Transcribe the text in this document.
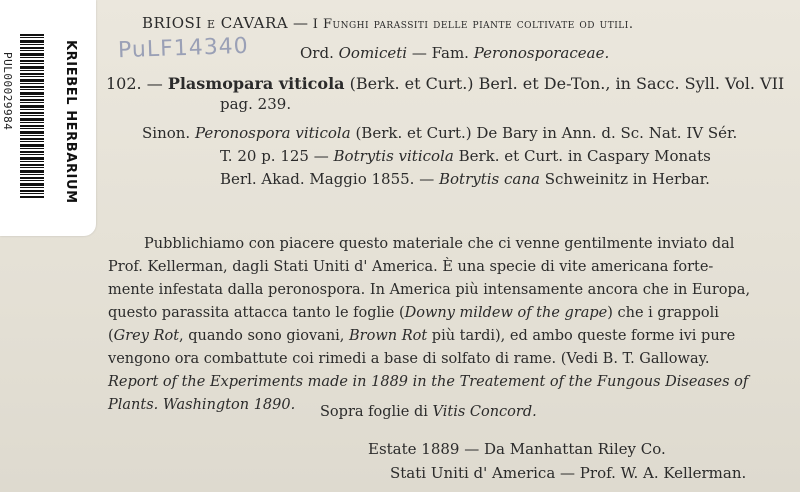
PUL00029984	KRIEBEL HERBARIUM PuLF14340
BRIOSI e CAVARA — I Funghi parassiti delle piante coltivate od utili.
Ord. Oomiceti — Fam. Peronosporaceae.
102. — Plasmopara viticola (Berk. et Curt.) Berl. et De-Ton., in Sacc. Syll. Vol. VII
pag. 239.
Sinon. Peronospora viticola (Berk. et Curt.) De Bary in Ann. d. Sc. Nat. IV Sér.
T. 20 p. 125 — Botrytis viticola Berk. et Curt. in Caspary Monats
Berl. Akad. Maggio 1855. — Botrytis cana Schweinitz in Herbar.
Pubblichiamo con piacere questo materiale che ci venne gentilmente inviato dal
Prof. Kellerman, dagli Stati Uniti d' America. È una specie di vite americana forte-
mente infestata dalla peronospora. In America più intensamente ancora che in Europa,
questo parassita attacca tanto le foglie (Downy mildew of the grape) che i grappoli
(Grey Rot, quando sono giovani, Brown Rot più tardi), ed ambo queste forme ivi pure
vengono ora combattute coi rimedi a base di solfato di rame. (Vedi B. T. Galloway.
Report of the Experiments made in 1889 in the Treatement of the Fungous Diseases of
Plants. Washington 1890. Sopra foglie di Vitis Concord.
Estate 1889 — Da Manhattan Riley Co.
Stati Uniti d' America — Prof. W. A. Kellerman.
